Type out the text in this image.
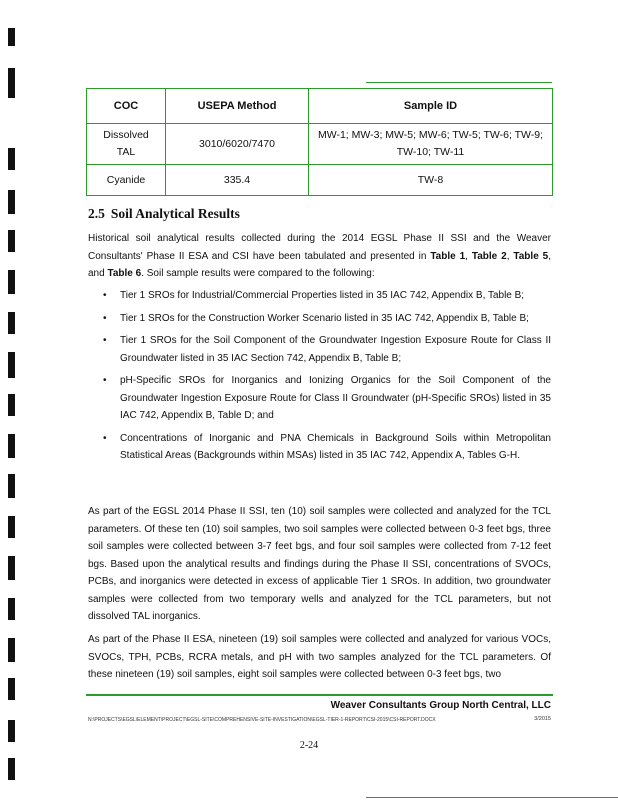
COC	USEPA Method	Sample ID
Dissolved TAL	3010/6020/7470	MW-1; MW-3; MW-5; MW-6; TW-5; TW-6; TW-9; TW-10; TW-11
Cyanide	335.4	TW-8
2.5 Soil Analytical Results

Historical soil analytical results collected during the 2014 EGSL Phase II SSI and the Weaver Consultants' Phase II ESA and CSI have been tabulated and presented in Table 1, Table 2, Table 5, and Table 6. Soil sample results were compared to the following:

• Tier 1 SROs for Industrial/Commercial Properties listed in 35 IAC 742, Appendix B, Table B;
• Tier 1 SROs for the Construction Worker Scenario listed in 35 IAC 742, Appendix B, Table B;
• Tier 1 SROs for the Soil Component of the Groundwater Ingestion Exposure Route for Class II Groundwater listed in 35 IAC Section 742, Appendix B, Table B;
• pH-Specific SROs for Inorganics and Ionizing Organics for the Soil Component of the Groundwater Ingestion Exposure Route for Class II Groundwater (pH-Specific SROs) listed in 35 IAC 742, Appendix B, Table D; and
• Concentrations of Inorganic and PNA Chemicals in Background Soils within Metropolitan Statistical Areas (Backgrounds within MSAs) listed in 35 IAC 742, Appendix A, Tables G-H.

As part of the EGSL 2014 Phase II SSI, ten (10) soil samples were collected and analyzed for the TCL parameters. Of these ten (10) soil samples, two soil samples were collected between 0-3 feet bgs, three soil samples were collected between 3-7 feet bgs, and four soil samples were collected from 7-12 feet bgs. Based upon the analytical results and findings during the Phase II SSI, concentrations of SVOCs, PCBs, and inorganics were detected in excess of applicable Tier 1 SROs. In addition, two groundwater samples were collected from two temporary wells and analyzed for the TCL parameters, but not dissolved TAL inorganics.

As part of the Phase II ESA, nineteen (19) soil samples were collected and analyzed for various VOCs, SVOCs, TPH, PCBs, RCRA metals, and pH with two samples analyzed for the TCL parameters. Of these nineteen (19) soil samples, eight soil samples were collected between 0-3 feet bgs, two

Weaver Consultants Group North Central, LLC
N:\PROJECTS\EGSL\ELEMENT\PROJECT\EGSL-SITE\COMPREHENSIVE-SITE-INVESTIGATION\EGSL-TIER-1-REPORT\CSI-2015\CSI-REPORT.DOCX	3/2015
2-24
